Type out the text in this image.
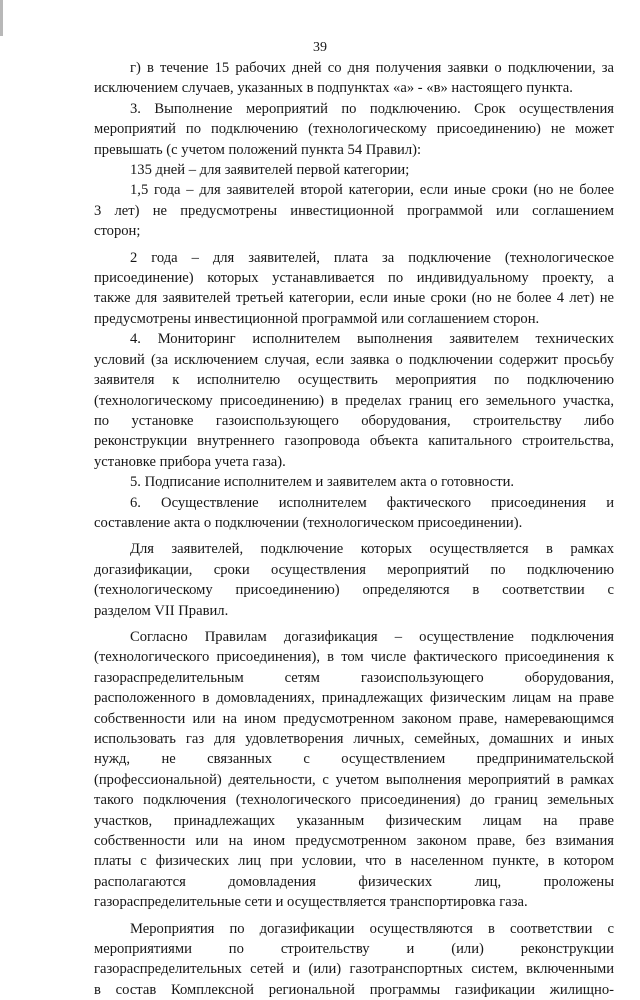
39
г) в течение 15 рабочих дней со дня получения заявки о подключении, за
исключением случаев, указанных в подпунктах «а» - «в» настоящего пункта.
3. Выполнение мероприятий по подключению. Срок осуществления
мероприятий по подключению (технологическому присоединению) не может
превышать (с учетом положений пункта 54 Правил):
135 дней – для заявителей первой категории;
1,5 года – для заявителей второй категории, если иные сроки (но не более
3 лет) не предусмотрены инвестиционной программой или соглашением
сторон;
2 года – для заявителей, плата за подключение (технологическое
присоединение) которых устанавливается по индивидуальному проекту, а
также для заявителей третьей категории, если иные сроки (но не более 4 лет) не
предусмотрены инвестиционной программой или соглашением сторон.
4. Мониторинг исполнителем выполнения заявителем технических
условий (за исключением случая, если заявка о подключении содержит просьбу
заявителя к исполнителю осуществить мероприятия по подключению
(технологическому присоединению) в пределах границ его земельного участка,
по установке газоиспользующего оборудования, строительству либо
реконструкции внутреннего газопровода объекта капитального строительства,
установке прибора учета газа).
5. Подписание исполнителем и заявителем акта о готовности.
6. Осуществление исполнителем фактического присоединения и
составление акта о подключении (технологическом присоединении).
Для заявителей, подключение которых осуществляется в рамках
догазификации, сроки осуществления мероприятий по подключению
(технологическому присоединению) определяются в соответствии с
разделом VII Правил.
Согласно Правилам догазификация – осуществление подключения
(технологического присоединения), в том числе фактического присоединения к
газораспределительным сетям газоиспользующего оборудования,
расположенного в домовладениях, принадлежащих физическим лицам на праве
собственности или на ином предусмотренном законом праве, намеревающимся
использовать газ для удовлетворения личных, семейных, домашних и иных
нужд, не связанных с осуществлением предпринимательской
(профессиональной) деятельности, с учетом выполнения мероприятий в рамках
такого подключения (технологического присоединения) до границ земельных
участков, принадлежащих указанным физическим лицам на праве
собственности или на ином предусмотренном законом праве, без взимания
платы с физических лиц при условии, что в населенном пункте, в котором
располагаются домовладения физических лиц, проложены
газораспределительные сети и осуществляется транспортировка газа.
Мероприятия по догазификации осуществляются в соответствии с
мероприятиями по строительству и (или) реконструкции
газораспределительных сетей и (или) газотранспортных систем, включенными
в состав Комплексной региональной программы газификации жилищно-
